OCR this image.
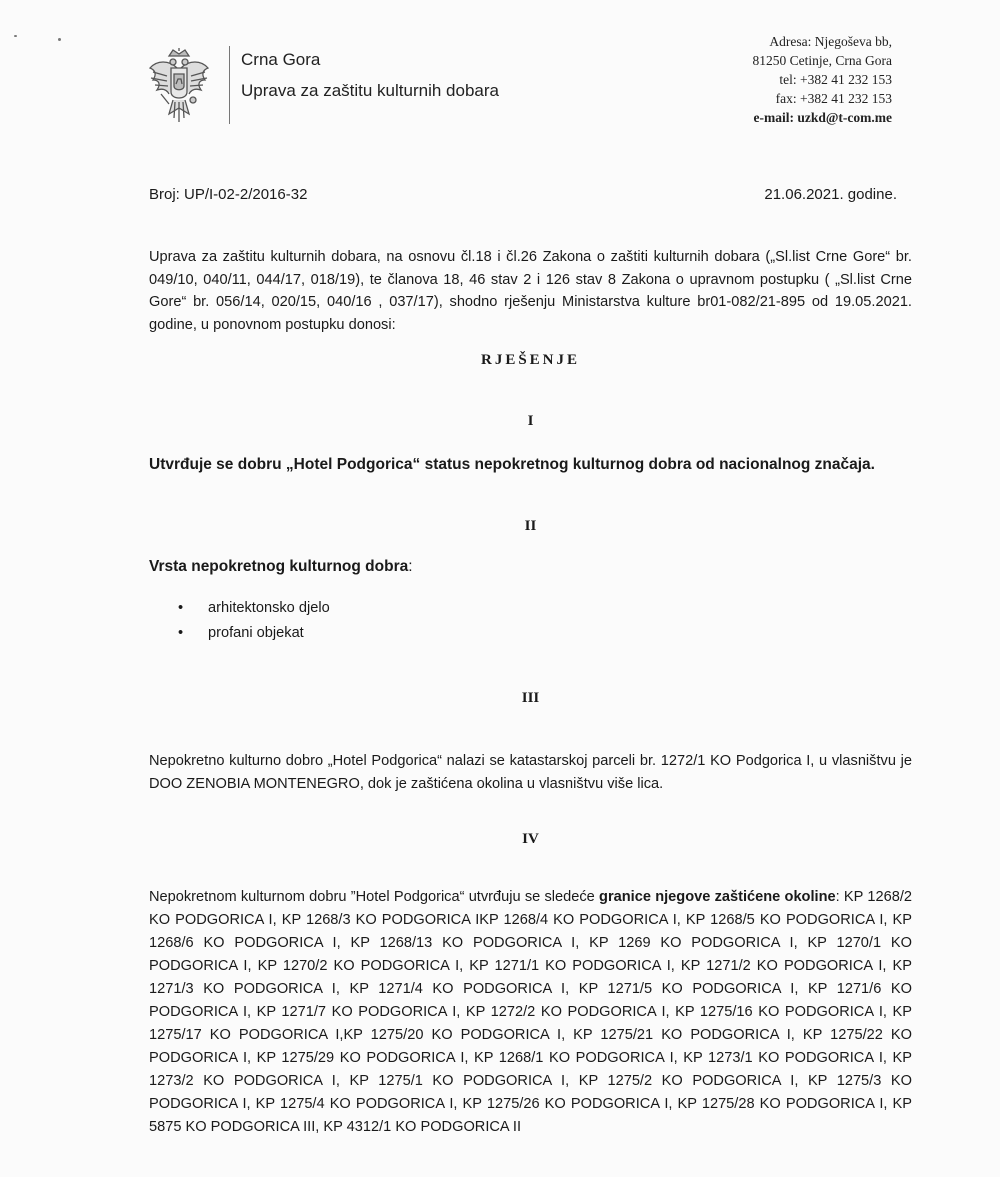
Crna Gora
Uprava za zaštitu kulturnih dobara
Adresa: Njegoševa bb,
81250 Cetinje, Crna Gora
tel: +382 41 232 153
fax: +382 41 232 153
e-mail: uzkd@t-com.me
Broj: UP/I-02-2/2016-32	21.06.2021. godine.
Uprava za zaštitu kulturnih dobara, na osnovu čl.18 i čl.26 Zakona o zaštiti kulturnih dobara („Sl.list Crne Gore“ br. 049/10, 040/11, 044/17, 018/19), te članova 18, 46 stav 2 i 126 stav 8 Zakona o upravnom postupku ( „Sl.list Crne Gore“ br. 056/14, 020/15, 040/16 , 037/17), shodno rješenju Ministarstva kulture br01-082/21-895 od 19.05.2021. godine, u ponovnom postupku donosi:
RJEŠENJE
I
Utvrđuje se dobru „Hotel Podgorica“ status nepokretnog kulturnog dobra od nacionalnog značaja.
II
Vrsta nepokretnog kulturnog dobra:
• arhitektonsko djelo
• profani objekat
III
Nepokretno kulturno dobro „Hotel Podgorica“ nalazi se katastarskoj parceli br. 1272/1 KO Podgorica I, u vlasništvu je DOO ZENOBIA MONTENEGRO, dok je zaštićena okolina u vlasništvu više lica.
IV
Nepokretnom kulturnom dobru ”Hotel Podgorica“ utvrđuju se sledeće granice njegove zaštićene okoline: KP 1268/2 KO PODGORICA I, KP 1268/3 KO PODGORICA IKP 1268/4 KO PODGORICA I, KP 1268/5 KO PODGORICA I, KP 1268/6 KO PODGORICA I, KP 1268/13 KO PODGORICA I, KP 1269 KO PODGORICA I, KP 1270/1 KO PODGORICA I, KP 1270/2 KO PODGORICA I, KP 1271/1 KO PODGORICA I, KP 1271/2 KO PODGORICA I, KP 1271/3 KO PODGORICA I, KP 1271/4 KO PODGORICA I, KP 1271/5 KO PODGORICA I, KP 1271/6 KO PODGORICA I, KP 1271/7 KO PODGORICA I, KP 1272/2 KO PODGORICA I, KP 1275/16 KO PODGORICA I, KP 1275/17 KO PODGORICA I,KP 1275/20 KO PODGORICA I, KP 1275/21 KO PODGORICA I, KP 1275/22 KO PODGORICA I, KP 1275/29 KO PODGORICA I, KP 1268/1 KO PODGORICA I, KP 1273/1 KO PODGORICA I, KP 1273/2 KO PODGORICA I, KP 1275/1 KO PODGORICA I, KP 1275/2 KO PODGORICA I, KP 1275/3 KO PODGORICA I, KP 1275/4 KO PODGORICA I, KP 1275/26 KO PODGORICA I, KP 1275/28 KO PODGORICA I, KP 5875 KO PODGORICA III, KP 4312/1 KO PODGORICA II
